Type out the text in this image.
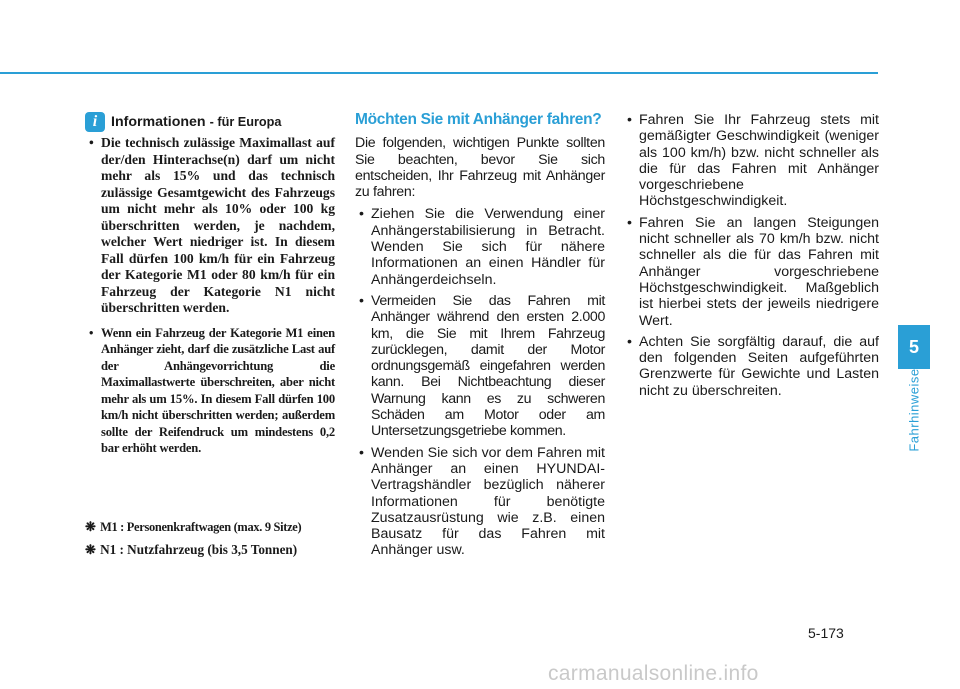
i Informationen - für Europa
• Die technisch zulässige Maximallast auf der/den Hinterachse(n) darf um nicht mehr als 15% und das technisch zulässige Gesamtgewicht des Fahrzeugs um nicht mehr als 10% oder 100 kg überschritten werden, je nachdem, welcher Wert niedriger ist. In diesem Fall dürfen 100 km/h für ein Fahrzeug der Kategorie M1 oder 80 km/h für ein Fahrzeug der Kategorie N1 nicht überschritten werden.
• Wenn ein Fahrzeug der Kategorie M1 einen Anhänger zieht, darf die zusätzliche Last auf der Anhängevorrichtung die Maximallastwerte überschreiten, aber nicht mehr als um 15%. In diesem Fall dürfen 100 km/h nicht überschritten werden; außerdem sollte der Reifendruck um mindestens 0,2 bar erhöht werden.
❋ M1 : Personenkraftwagen (max. 9 Sitze)
❋ N1 : Nutzfahrzeug (bis 3,5 Tonnen)
Möchten Sie mit Anhänger fahren?
Die folgenden, wichtigen Punkte sollten Sie beachten, bevor Sie sich entscheiden, Ihr Fahrzeug mit Anhänger zu fahren:
• Ziehen Sie die Verwendung einer Anhängerstabilisierung in Betracht. Wenden Sie sich für nähere Informationen an einen Händler für Anhängerdeichseln.
• Vermeiden Sie das Fahren mit Anhänger während den ersten 2.000 km, die Sie mit Ihrem Fahrzeug zurücklegen, damit der Motor ordnungsgemäß eingefahren werden kann. Bei Nichtbeachtung dieser Warnung kann es zu schweren Schäden am Motor oder am Untersetzungsgetriebe kommen.
• Wenden Sie sich vor dem Fahren mit Anhänger an einen HYUNDAI-Vertragshändler bezüglich näherer Informationen für benötigte Zusatzausrüstung wie z.B. einen Bausatz für das Fahren mit Anhänger usw.
• Fahren Sie Ihr Fahrzeug stets mit gemäßigter Geschwindigkeit (weniger als 100 km/h) bzw. nicht schneller als die für das Fahren mit Anhänger vorgeschriebene Höchstgeschwindigkeit.
• Fahren Sie an langen Steigungen nicht schneller als 70 km/h bzw. nicht schneller als die für das Fahren mit Anhänger vorgeschriebene Höchstgeschwindigkeit. Maßgeblich ist hierbei stets der jeweils niedrigere Wert.
• Achten Sie sorgfältig darauf, die auf den folgenden Seiten aufgeführten Grenzwerte für Gewichte und Lasten nicht zu überschreiten.
5
Fahrhinweise
5-173
carmanualsonline.info
